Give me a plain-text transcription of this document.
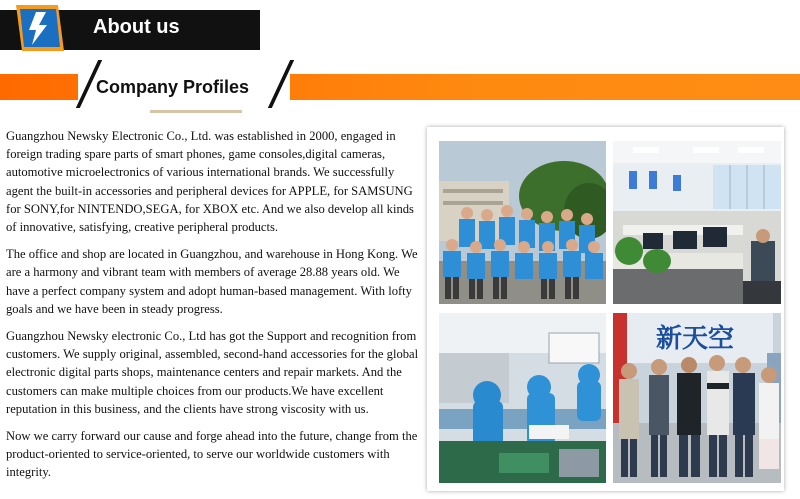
About us
Company Profiles

Guangzhou Newsky Electronic Co., Ltd. was established in 2000, engaged in foreign trading spare parts of smart phones, game consoles,digital cameras, automotive microelectronics of various international brands. We successfully agent the built-in accessories and peripheral devices for APPLE, for SAMSUNG for SONY,for NINTENDO,SEGA, for XBOX etc. And we also develop all kinds of innovative, satisfying, creative peripheral products.

The office and shop are located in Guangzhou, and warehouse in Hong Kong. We are a harmony and vibrant team with members of average 28.88 years old. We have a perfect company system and adopt human-based management. With lofty goals and we have been in steady progress.

Guangzhou Newsky electronic Co., Ltd has got the Support and recognition from customers. We supply original, assembled, second-hand accessories for the global electronic digital parts shops, maintenance centers and repair markets. And the customers can make multiple choices from our products.We have excellent reputation in this business, and the clients have strong viscosity with us.

Now we carry forward our cause and forge ahead into the future, change from the product-oriented to service-oriented, to serve our worldwide customers with integrity.

新天空
